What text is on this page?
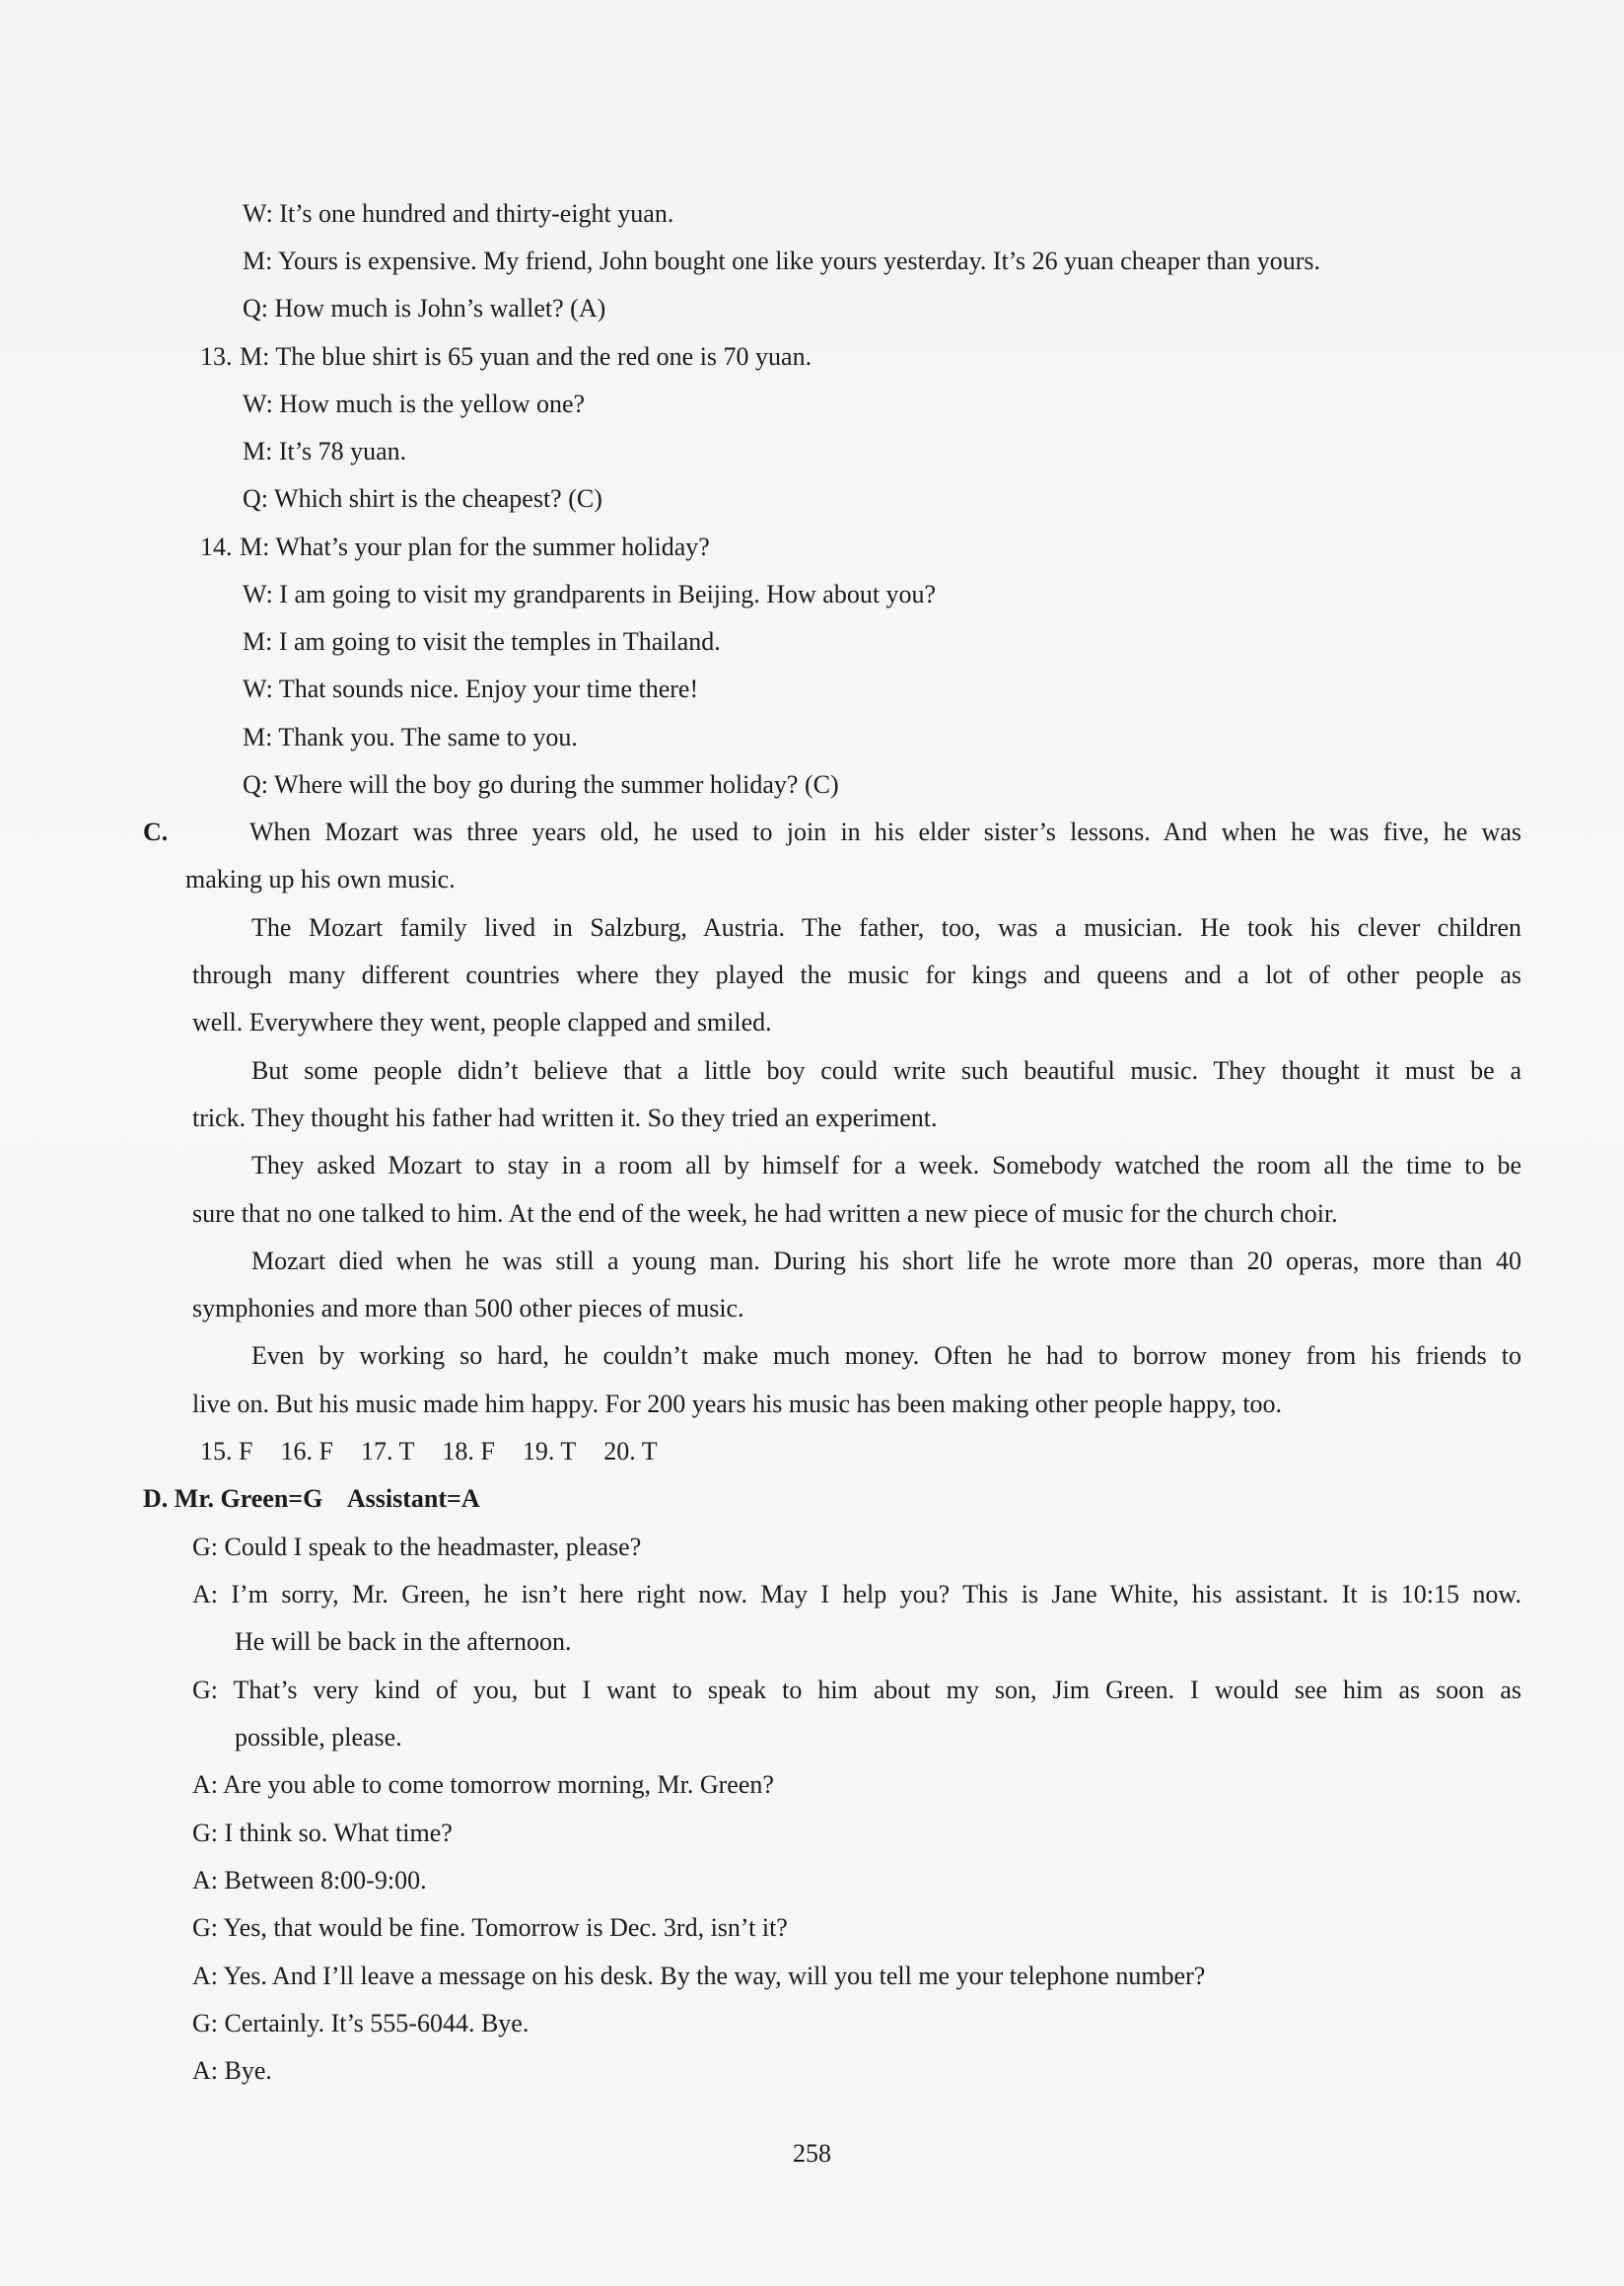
W: It’s one hundred and thirty-eight yuan.

M: Yours is expensive. My friend, John bought one like yours yesterday. It’s 26 yuan cheaper than yours.

Q: How much is John’s wallet? (A)

13. M: The blue shirt is 65 yuan and the red one is 70 yuan.

W: How much is the yellow one?

M: It’s 78 yuan.

Q: Which shirt is the cheapest? (C)

14. M: What’s your plan for the summer holiday?

W: I am going to visit my grandparents in Beijing. How about you?

M: I am going to visit the temples in Thailand.

W: That sounds nice. Enjoy your time there!

M: Thank you. The same to you.

Q: Where will the boy go during the summer holiday? (C)

C.	When Mozart was three years old, he used to join in his elder sister’s lessons. And when he was five, he was

making up his own music.

The Mozart family lived in Salzburg, Austria. The father, too, was a musician. He took his clever children

through many different countries where they played the music for kings and queens and a lot of other people as

well. Everywhere they went, people clapped and smiled.

But some people didn’t believe that a little boy could write such beautiful music. They thought it must be a

trick. They thought his father had written it. So they tried an experiment.

They asked Mozart to stay in a room all by himself for a week. Somebody watched the room all the time to be

sure that no one talked to him. At the end of the week, he had written a new piece of music for the church choir.

Mozart died when he was still a young man. During his short life he wrote more than 20 operas, more than 40

symphonies and more than 500 other pieces of music.

Even by working so hard, he couldn’t make much money. Often he had to borrow money from his friends to

live on. But his music made him happy. For 200 years his music has been making other people happy, too.

15. F 16. F 17. T 18. F 19. T 20. T

D. Mr. Green=G    Assistant=A

G: Could I speak to the headmaster, please?

A: I’m sorry, Mr. Green, he isn’t here right now. May I help you? This is Jane White, his assistant. It is 10:15 now.

He will be back in the afternoon.

G: That’s very kind of you, but I want to speak to him about my son, Jim Green. I would see him as soon as

possible, please.

A: Are you able to come tomorrow morning, Mr. Green?

G: I think so. What time?

A: Between 8:00-9:00.

G: Yes, that would be fine. Tomorrow is Dec. 3rd, isn’t it?

A: Yes. And I’ll leave a message on his desk. By the way, will you tell me your telephone number?

G: Certainly. It’s 555-6044. Bye.

A: Bye.

258
